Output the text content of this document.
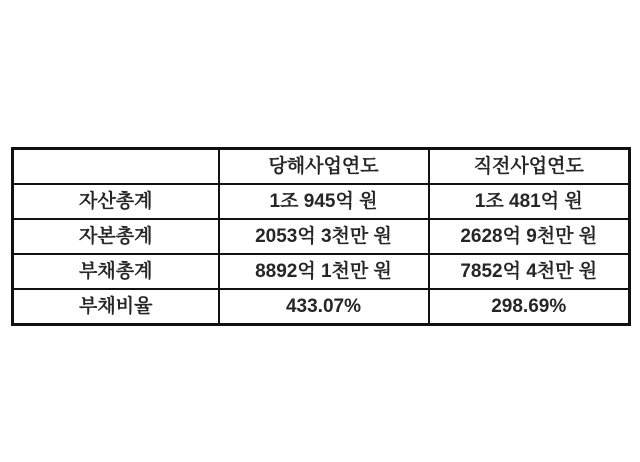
	당해사업연도	직전사업연도
자산총계	1조 945억 원	1조 481억 원
자본총계	2053억 3천만 원	2628억 9천만 원
부채총계	8892억 1천만 원	7852억 4천만 원
부채비율	433.07%	298.69%
